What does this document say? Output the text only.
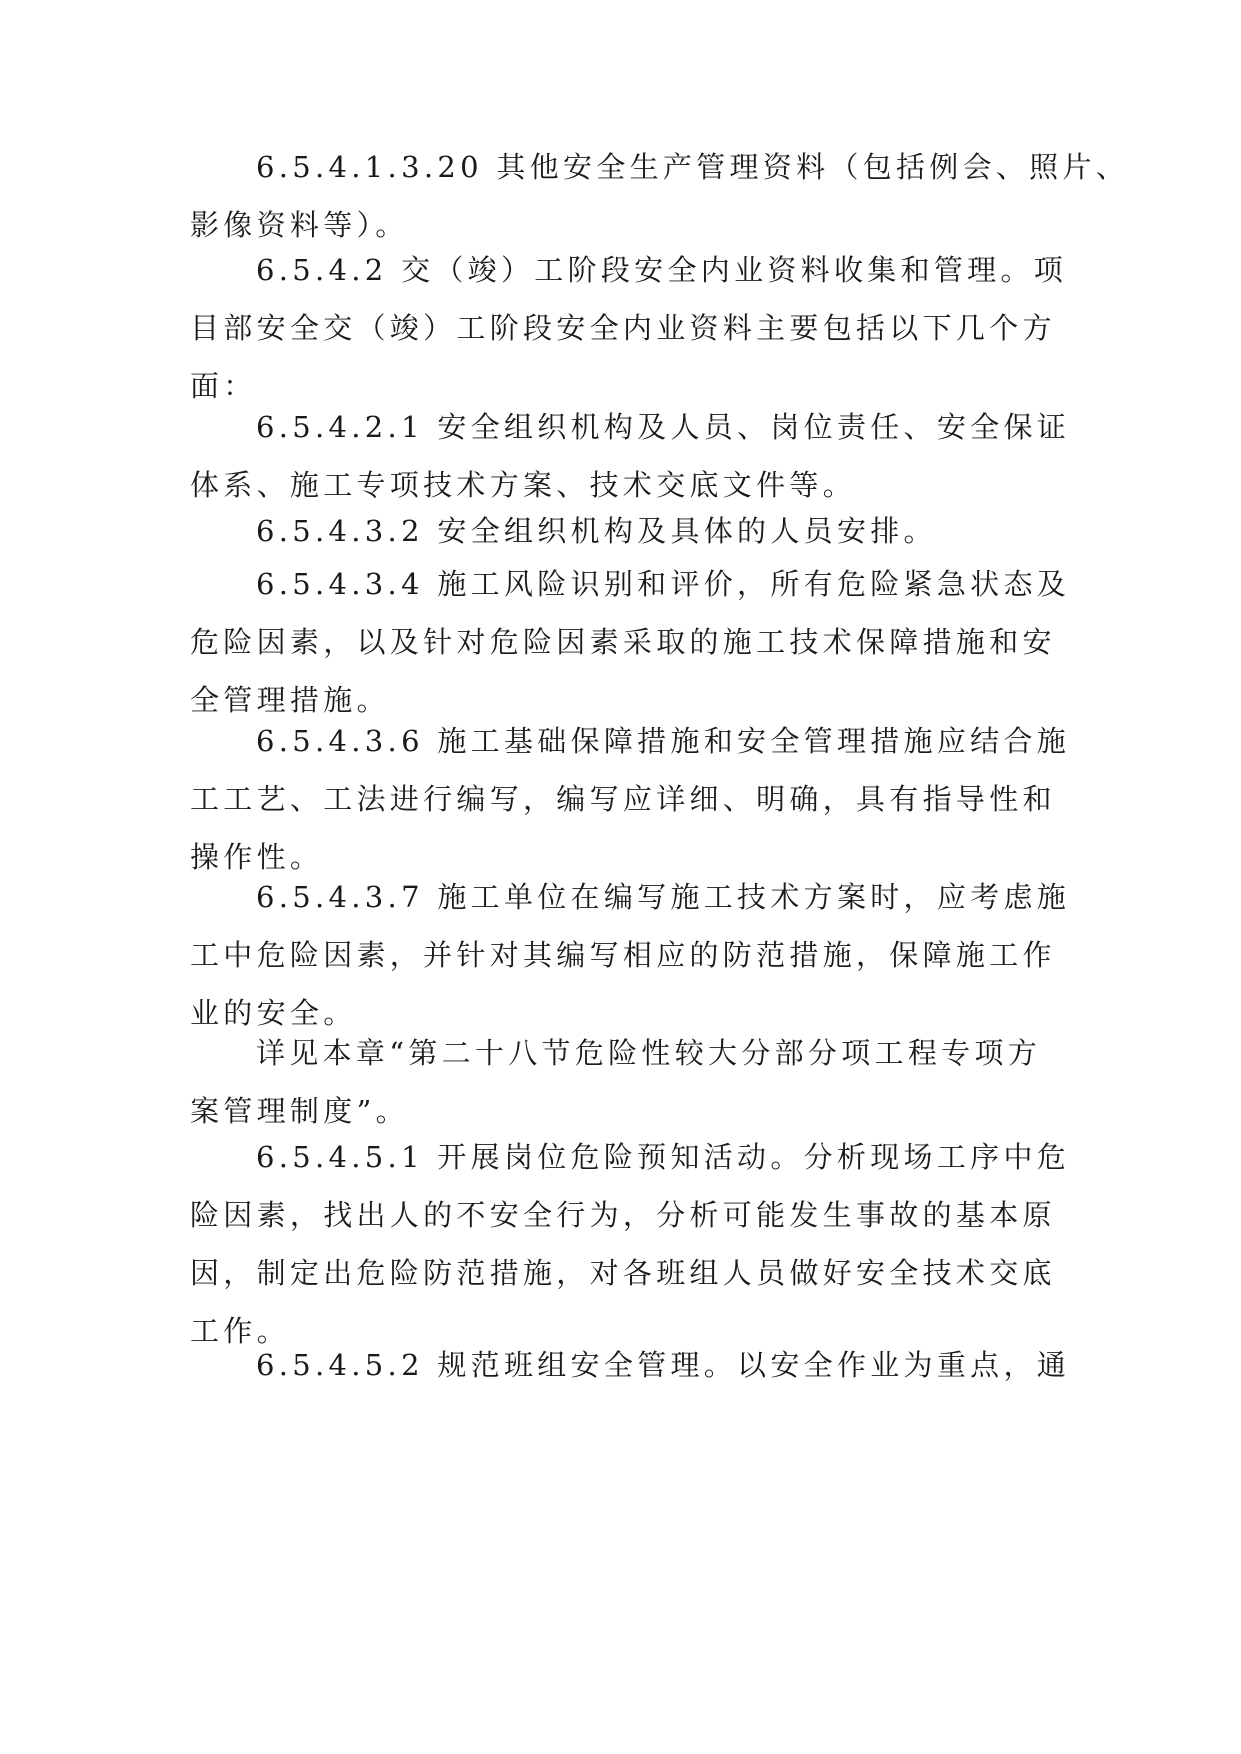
6.5.4.1.3.20 其他安全生产管理资料（包括例会、照片、
影像资料等）。
6.5.4.2 交（竣）工阶段安全内业资料收集和管理。项
目部安全交（竣）工阶段安全内业资料主要包括以下几个方
面：
6.5.4.2.1 安全组织机构及人员、岗位责任、安全保证
体系、施工专项技术方案、技术交底文件等。
6.5.4.3.2 安全组织机构及具体的人员安排。
6.5.4.3.4 施工风险识别和评价，所有危险紧急状态及
危险因素，以及针对危险因素采取的施工技术保障措施和安
全管理措施。
6.5.4.3.6 施工基础保障措施和安全管理措施应结合施
工工艺、工法进行编写，编写应详细、明确，具有指导性和
操作性。
6.5.4.3.7 施工单位在编写施工技术方案时，应考虑施
工中危险因素，并针对其编写相应的防范措施，保障施工作
业的安全。
详见本章“第二十八节危险性较大分部分项工程专项方
案管理制度”。
6.5.4.5.1 开展岗位危险预知活动。分析现场工序中危
险因素，找出人的不安全行为，分析可能发生事故的基本原
因，制定出危险防范措施，对各班组人员做好安全技术交底
工作。
6.5.4.5.2 规范班组安全管理。以安全作业为重点，通
